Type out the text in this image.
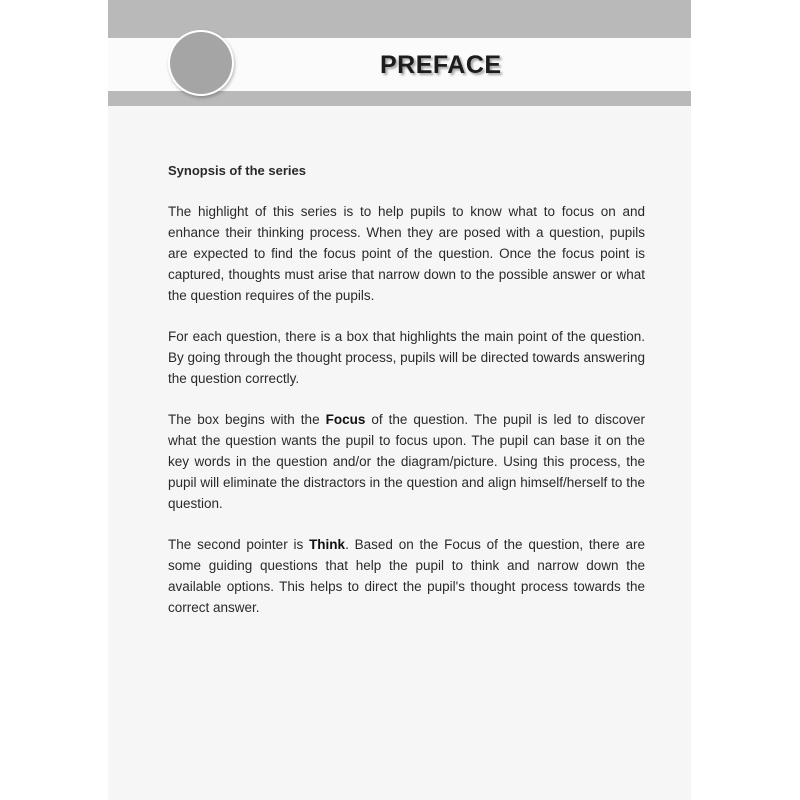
PREFACE
Synopsis of the series

The highlight of this series is to help pupils to know what to focus on and enhance their thinking process. When they are posed with a question, pupils are expected to find the focus point of the question. Once the focus point is captured, thoughts must arise that narrow down to the possible answer or what the question requires of the pupils.

For each question, there is a box that highlights the main point of the question. By going through the thought process, pupils will be directed towards answering the question correctly.

The box begins with the Focus of the question. The pupil is led to discover what the question wants the pupil to focus upon. The pupil can base it on the key words in the question and/or the diagram/picture. Using this process, the pupil will eliminate the distractors in the question and align himself/herself to the question.

The second pointer is Think. Based on the Focus of the question, there are some guiding questions that help the pupil to think and narrow down the available options. This helps to direct the pupil's thought process towards the correct answer.
